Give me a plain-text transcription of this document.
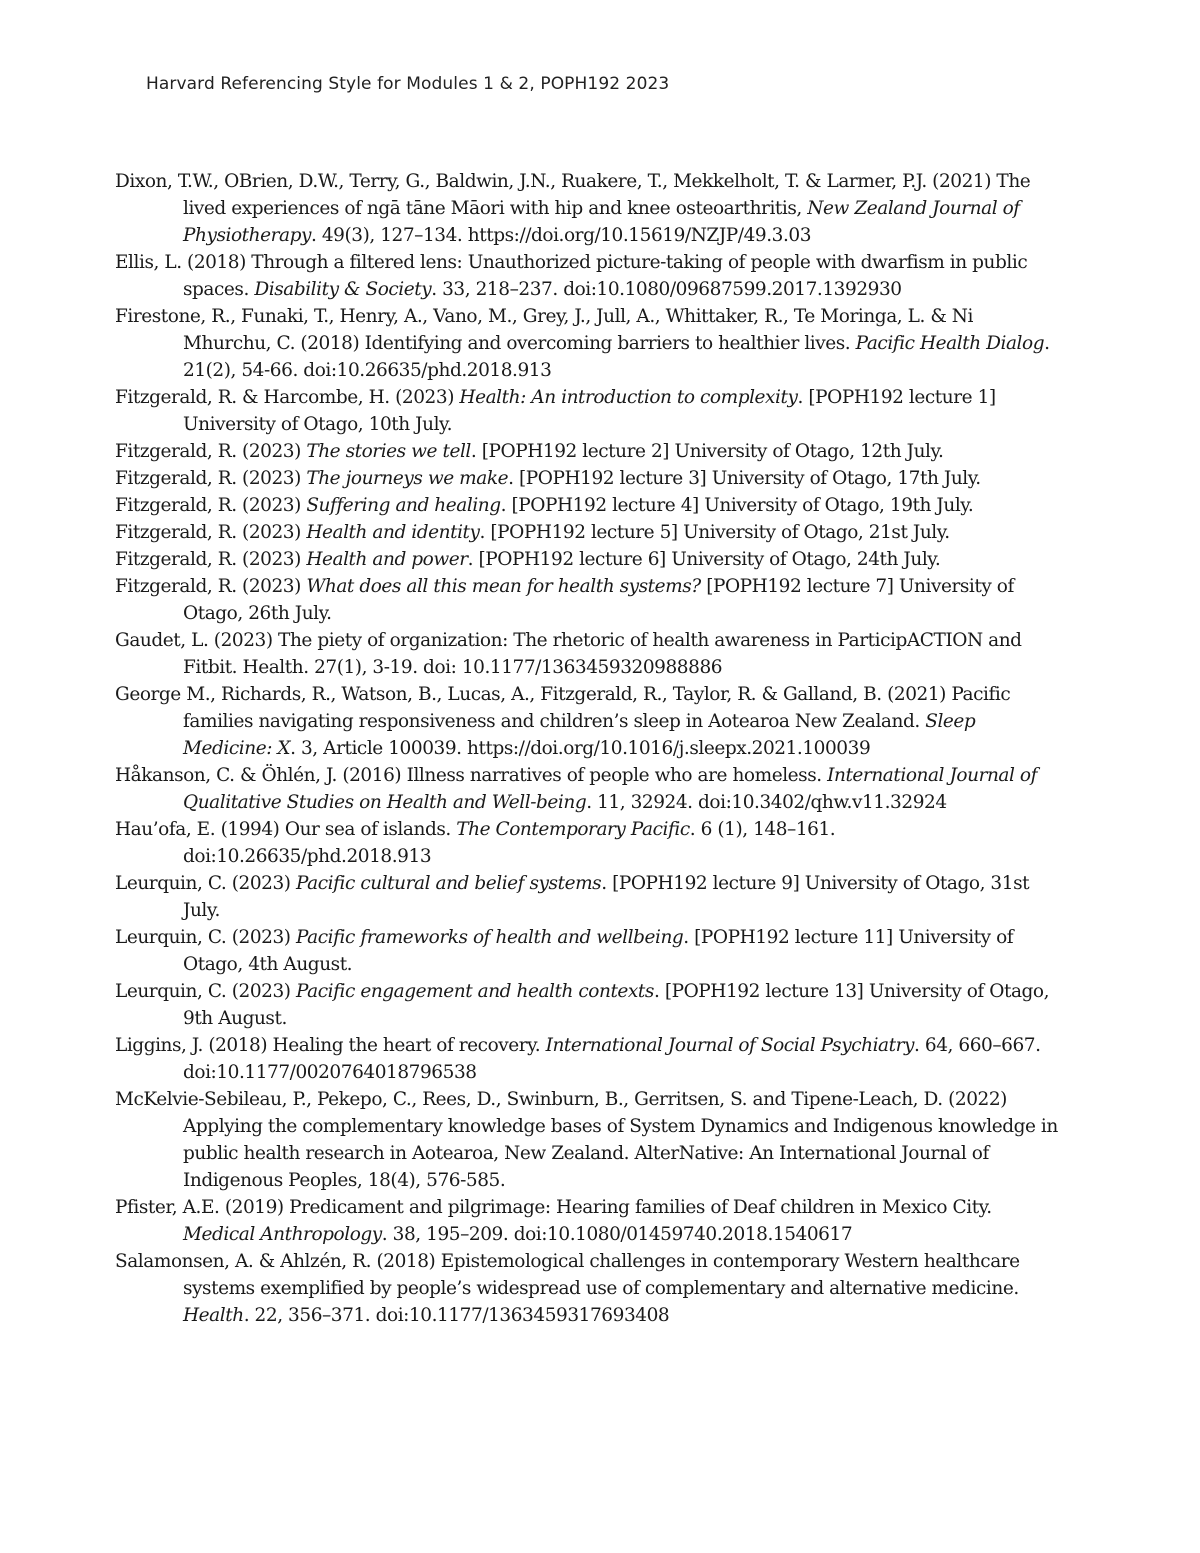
Harvard Referencing Style for Modules 1 & 2, POPH192 2023

Dixon, T.W., OBrien, D.W., Terry, G., Baldwin, J.N., Ruakere, T., Mekkelholt, T. & Larmer, P.J. (2021) The lived experiences of ngā tāne Māori with hip and knee osteoarthritis, New Zealand Journal of Physiotherapy. 49(3), 127–134. https://doi.org/10.15619/NZJP/49.3.03

Ellis, L. (2018) Through a filtered lens: Unauthorized picture-taking of people with dwarfism in public spaces. Disability & Society. 33, 218–237. doi:10.1080/09687599.2017.1392930

Firestone, R., Funaki, T., Henry, A., Vano, M., Grey, J., Jull, A., Whittaker, R., Te Moringa, L. & Ni Mhurchu, C. (2018) Identifying and overcoming barriers to healthier lives. Pacific Health Dialog. 21(2), 54-66. doi:10.26635/phd.2018.913

Fitzgerald, R. & Harcombe, H. (2023) Health: An introduction to complexity. [POPH192 lecture 1] University of Otago, 10th July.

Fitzgerald, R. (2023) The stories we tell. [POPH192 lecture 2] University of Otago, 12th July.

Fitzgerald, R. (2023) The journeys we make. [POPH192 lecture 3] University of Otago, 17th July.

Fitzgerald, R. (2023) Suffering and healing. [POPH192 lecture 4] University of Otago, 19th July.

Fitzgerald, R. (2023) Health and identity. [POPH192 lecture 5] University of Otago, 21st July.

Fitzgerald, R. (2023) Health and power. [POPH192 lecture 6] University of Otago, 24th July.

Fitzgerald, R. (2023) What does all this mean for health systems? [POPH192 lecture 7] University of Otago, 26th July.

Gaudet, L. (2023) The piety of organization: The rhetoric of health awareness in ParticipACTION and Fitbit. Health. 27(1), 3-19. doi: 10.1177/1363459320988886

George M., Richards, R., Watson, B., Lucas, A., Fitzgerald, R., Taylor, R. & Galland, B. (2021) Pacific families navigating responsiveness and children’s sleep in Aotearoa New Zealand. Sleep Medicine: X. 3, Article 100039. https://doi.org/10.1016/j.sleepx.2021.100039

Håkanson, C. & Öhlén, J. (2016) Illness narratives of people who are homeless. International Journal of Qualitative Studies on Health and Well-being. 11, 32924. doi:10.3402/qhw.v11.32924

Hau’ofa, E. (1994) Our sea of islands. The Contemporary Pacific. 6 (1), 148–161. doi:10.26635/phd.2018.913

Leurquin, C. (2023) Pacific cultural and belief systems. [POPH192 lecture 9] University of Otago, 31st July.

Leurquin, C. (2023) Pacific frameworks of health and wellbeing. [POPH192 lecture 11] University of Otago, 4th August.

Leurquin, C. (2023) Pacific engagement and health contexts. [POPH192 lecture 13] University of Otago, 9th August.

Liggins, J. (2018) Healing the heart of recovery. International Journal of Social Psychiatry. 64, 660–667. doi:10.1177/0020764018796538

McKelvie-Sebileau, P., Pekepo, C., Rees, D., Swinburn, B., Gerritsen, S. and Tipene-Leach, D. (2022) Applying the complementary knowledge bases of System Dynamics and Indigenous knowledge in public health research in Aotearoa, New Zealand. AlterNative: An International Journal of Indigenous Peoples, 18(4), 576-585.

Pfister, A.E. (2019) Predicament and pilgrimage: Hearing families of Deaf children in Mexico City. Medical Anthropology. 38, 195–209. doi:10.1080/01459740.2018.1540617

Salamonsen, A. & Ahlzén, R. (2018) Epistemological challenges in contemporary Western healthcare systems exemplified by people’s widespread use of complementary and alternative medicine. Health. 22, 356–371. doi:10.1177/1363459317693408
